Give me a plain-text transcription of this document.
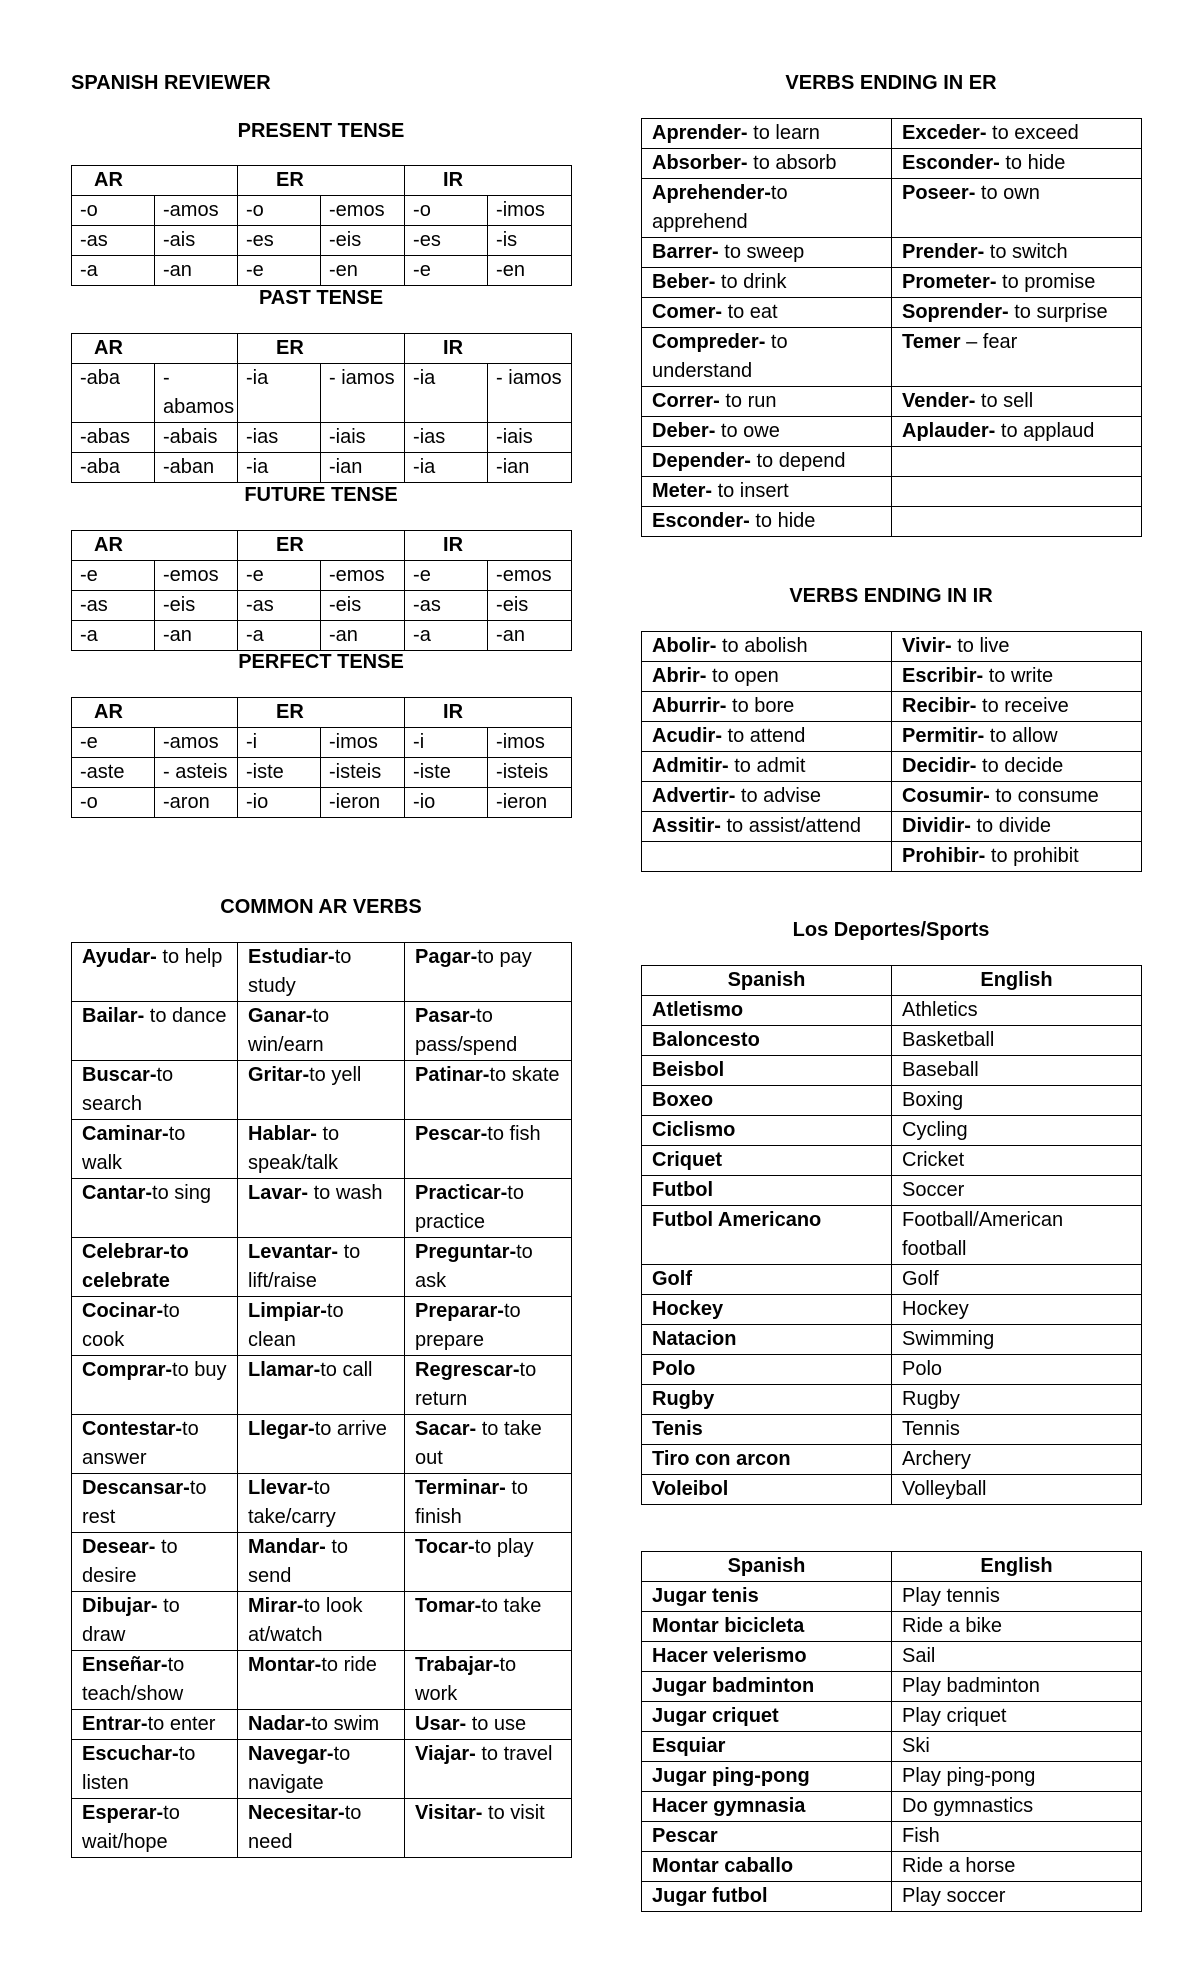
SPANISH REVIEWER
PRESENT TENSE
PAST TENSE
FUTURE TENSE
PERFECT TENSE
COMMON AR VERBS
VERBS ENDING IN ER
VERBS ENDING IN IR
Los Deportes/Sports
AR		ER		IR	
-o	-amos	-o	-emos	-o	-imos
-as	-ais	-es	-eis	-es	-is
-a	-an	-e	-en	-e	-en
AR		ER		IR	
-aba	- abamos	-ia	- iamos	-ia	- iamos
-abas	-abais	-ias	-iais	-ias	-iais
-aba	-aban	-ia	-ian	-ia	-ian
AR		ER		IR	
-e	-emos	-e	-emos	-e	-emos
-as	-eis	-as	-eis	-as	-eis
-a	-an	-a	-an	-a	-an
AR		ER		IR	
-e	-amos	-i	-imos	-i	-imos
-aste	- asteis	-iste	-isteis	-iste	-isteis
-o	-aron	-io	-ieron	-io	-ieron
Ayudar- to help	Estudiar-to study	Pagar-to pay
Bailar- to dance	Ganar-to win/earn	Pasar-to pass/spend
Buscar-to search	Gritar-to yell	Patinar-to skate
Caminar-to walk	Hablar- to speak/talk	Pescar-to fish
Cantar-to sing	Lavar- to wash	Practicar-to practice
Celebrar-to celebrate	Levantar- to lift/raise	Preguntar-to ask
Cocinar-to cook	Limpiar-to clean	Preparar-to prepare
Comprar-to buy	Llamar-to call	Regrescar-to return
Contestar-to answer	Llegar-to arrive	Sacar- to take out
Descansar-to rest	Llevar-to take/carry	Terminar- to finish
Desear- to desire	Mandar- to send	Tocar-to play
Dibujar- to draw	Mirar-to look at/watch	Tomar-to take
Enseñar-to teach/show	Montar-to ride	Trabajar-to work
Entrar-to enter	Nadar-to swim	Usar- to use
Escuchar-to listen	Navegar-to navigate	Viajar- to travel
Esperar-to wait/hope	Necesitar-to need	Visitar- to visit
Aprender- to learn	Exceder- to exceed
Absorber- to absorb	Esconder- to hide
Aprehender-to apprehend	Poseer- to own
Barrer- to sweep	Prender- to switch
Beber- to drink	Prometer- to promise
Comer- to eat	Soprender- to surprise
Compreder- to understand	Temer – fear
Correr- to run	Vender- to sell
Deber- to owe	Aplauder- to applaud
Depender- to depend	
Meter- to insert	
Esconder- to hide	
Abolir- to abolish	Vivir- to live
Abrir- to open	Escribir- to write
Aburrir- to bore	Recibir- to receive
Acudir- to attend	Permitir- to allow
Admitir- to admit	Decidir- to decide
Advertir- to advise	Cosumir- to consume
Assitir- to assist/attend	Dividir- to divide
	Prohibir- to prohibit
Spanish	English
Atletismo	Athletics
Baloncesto	Basketball
Beisbol	Baseball
Boxeo	Boxing
Ciclismo	Cycling
Criquet	Cricket
Futbol	Soccer
Futbol Americano	Football/American football
Golf	Golf
Hockey	Hockey
Natacion	Swimming
Polo	Polo
Rugby	Rugby
Tenis	Tennis
Tiro con arcon	Archery
Voleibol	Volleyball
Spanish	English
Jugar tenis	Play tennis
Montar bicicleta	Ride a bike
Hacer velerismo	Sail
Jugar badminton	Play badminton
Jugar criquet	Play criquet
Esquiar	Ski
Jugar ping-pong	Play ping-pong
Hacer gymnasia	Do gymnastics
Pescar	Fish
Montar caballo	Ride a horse
Jugar futbol	Play soccer
